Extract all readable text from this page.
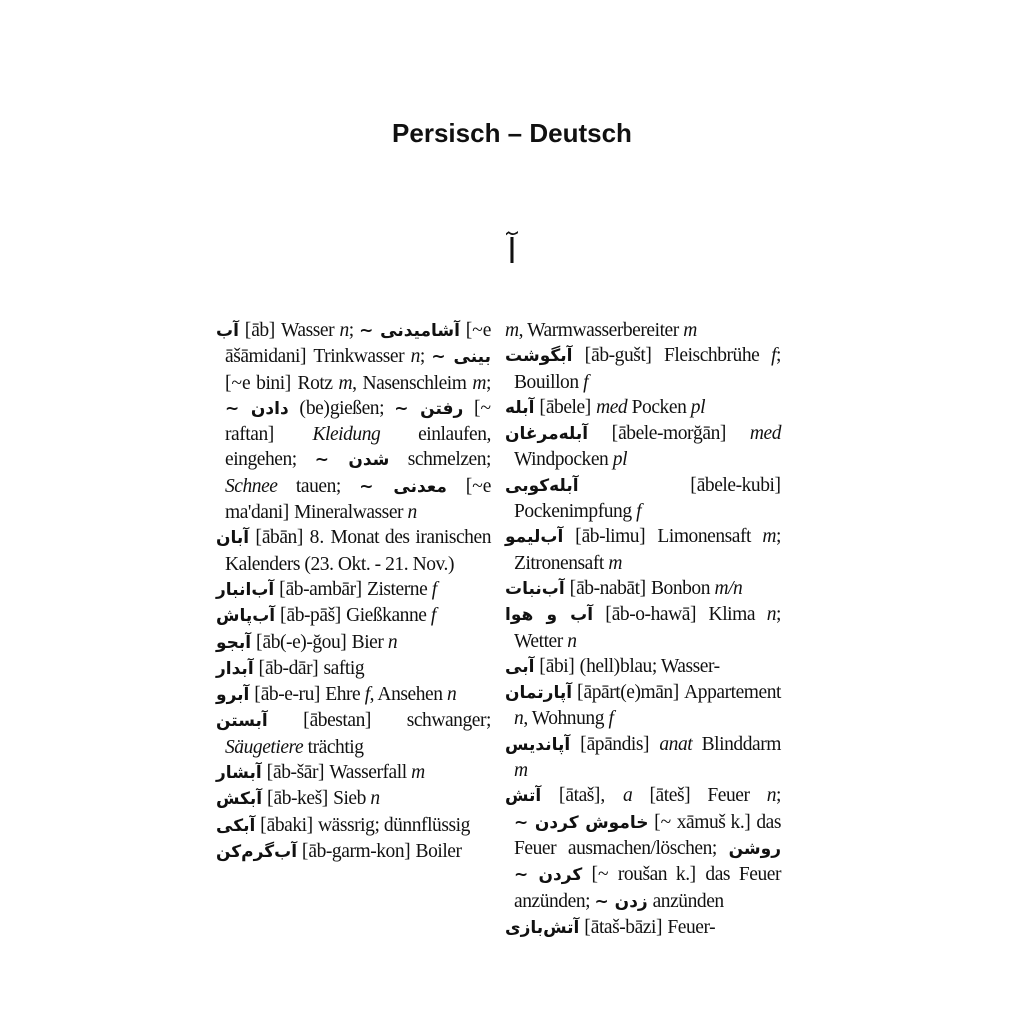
Persisch – Deutsch
آ
آب [āb] Wasser n; آشامیدنی ~ [~e āšāmidani] Trinkwasser n; بینی ~ [~e bini] Rotz m, Nasenschleim m; دادن ~ (be)gießen; رفتن ~ [~ raftan] Kleidung einlaufen, eingehen; شدن ~ schmelzen; Schnee tauen; معدنی ~ [~e ma'dani] Mineralwasser n
آبان [ābān] 8. Monat des iranischen Kalenders (23. Okt. - 21. Nov.)
آب‌انبار [āb-ambār] Zisterne f
آب‌پاش [āb-pāš] Gießkanne f
آبجو [āb(-e)-ğou] Bier n
آبدار [āb-dār] saftig
آبرو [āb-e-ru] Ehre f, Ansehen n
آبستن [ābestan] schwanger; Säugetiere trächtig
آبشار [āb-šār] Wasserfall m
آبکش [āb-keš] Sieb n
آبکی [ābaki] wässrig; dünnflüssig
آب‌گرم‌کن [āb-garm-kon] Boiler
m, Warmwasserbereiter m
آبگوشت [āb-gušt] Fleischbrühe f; Bouillon f
آبله [ābele] med Pocken pl
آبله‌مرغان [ābele-morğān] med Windpocken pl
آبله‌کوبی [ābele-kubi] Pockenimpfung f
آب‌لیمو [āb-limu] Limonensaft m; Zitronensaft m
آب‌نبات [āb-nabāt] Bonbon m/n
آب و هوا [āb-o-hawā] Klima n; Wetter n
آبی [ābi] (hell)blau; Wasser-
آپارتمان [āpārt(e)mān] Appartement n, Wohnung f
آپاندیس [āpāndis] anat Blinddarm m
آتش [ātaš], a [āteš] Feuer n; خاموش کردن ~ [~ xāmuš k.] das Feuer ausmachen/löschen; روشن کردن ~ [~ roušan k.] das Feuer anzünden; زدن ~ anzünden
آتش‌بازی [ātaš-bāzi] Feuer-
